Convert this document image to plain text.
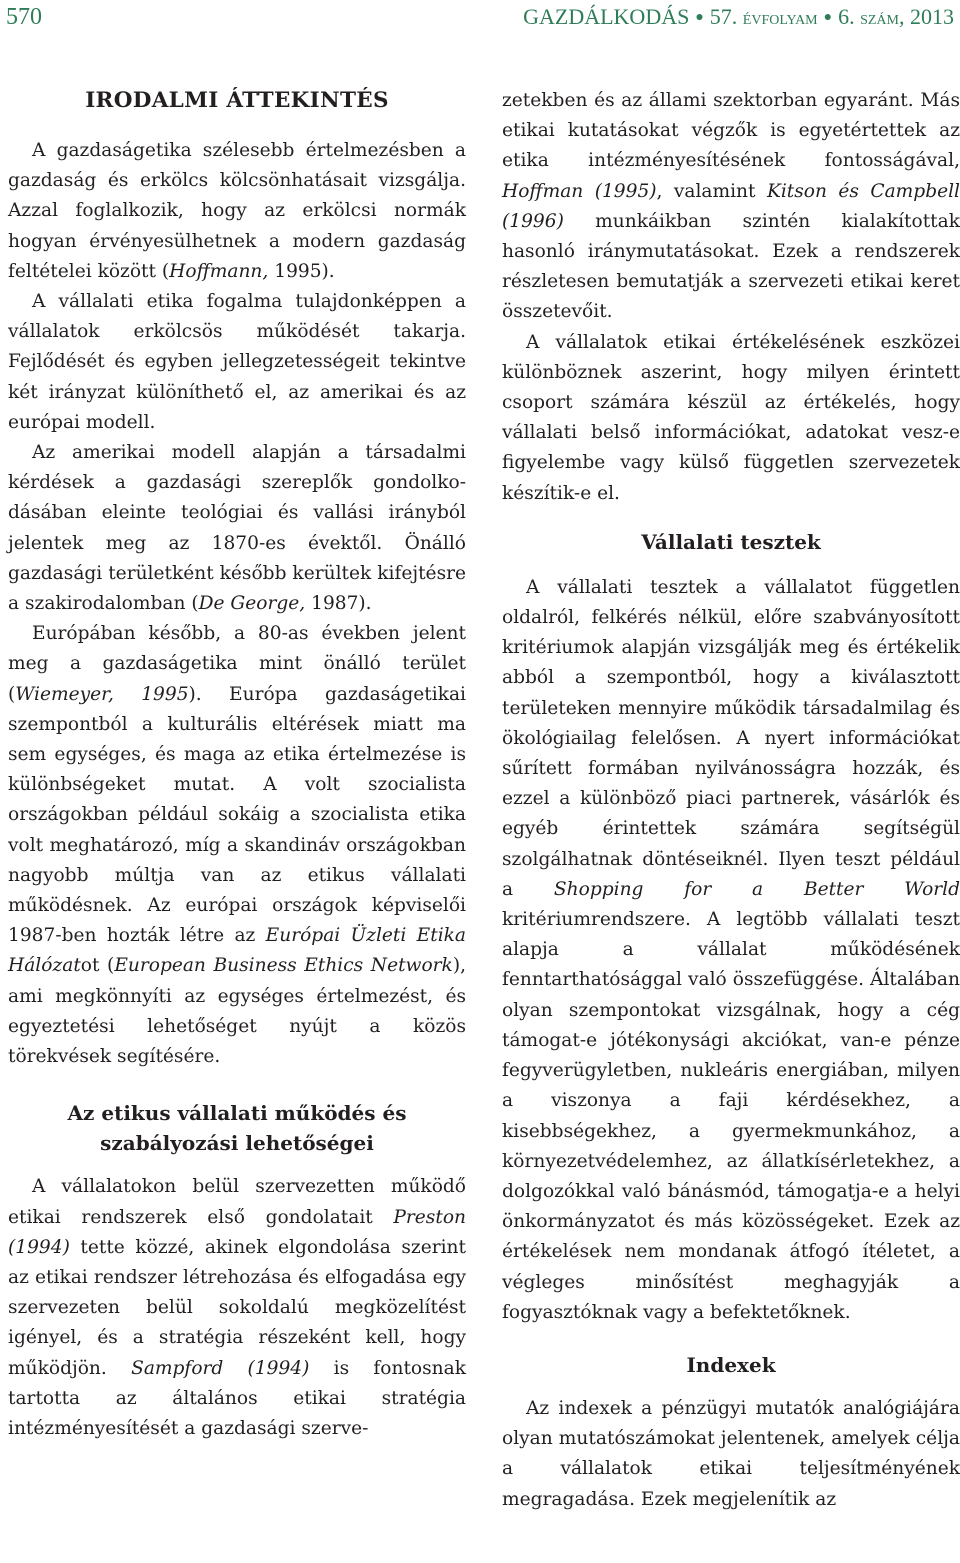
570	GAZDÁLKODÁS ● 57. évfolyam ● 6. szám, 2013
IRODALMI ÁTTEKINTÉS

A gazdaságetika szélesebb értelmezésben a gazdaság és erkölcs kölcsönhatásait vizsgálja. Azzal foglalkozik, hogy az erkölcsi normák hogyan érvényesülhetnek a modern gazdaság feltételei között (Hoffmann, 1995).

A vállalati etika fogalma tulajdonképpen a vállalatok erkölcsös működését takarja. Fejlődését és egyben jellegzetességeit tekintve két irányzat különíthető el, az amerikai és az európai modell.

Az amerikai modell alapján a társadalmi kérdések a gazdasági szereplők gondolkodásában eleinte teológiai és vallási irányból jelentek meg az 1870-es évektől. Önálló gazdasági területként később kerültek kifejtésre a szakirodalomban (De George, 1987).

Európában később, a 80-as években jelent meg a gazdaságetika mint önálló terület (Wiemeyer, 1995). Európa gazdaságetikai szempontból a kulturális eltérések miatt ma sem egységes, és maga az etika értelmezése is különbségeket mutat. A volt szocialista országokban például sokáig a szocialista etika volt meghatározó, míg a skandináv országokban nagyobb múltja van az etikus vállalati működésnek. Az európai országok képviselői 1987-ben hozták létre az Európai Üzleti Etika Hálózatot (European Business Ethics Network), ami megkönnyíti az egységes értelmezést, és egyeztetési lehetőséget nyújt a közös törekvések segítésére.

Az etikus vállalati működés és
szabályozási lehetőségei

A vállalatokon belül szervezetten működő etikai rendszerek első gondolatait Preston (1994) tette közzé, akinek elgondolása szerint az etikai rendszer létrehozása és elfogadása egy szervezeten belül sokoldalú megközelítést igényel, és a stratégia részeként kell, hogy működjön. Sampford (1994) is fontosnak tartotta az általános etikai stratégia intézményesítését a gazdasági szerve-

zetekben és az állami szektorban egyaránt. Más etikai kutatásokat végzők is egyetértettek az etika intézményesítésének fontosságával, Hoffman (1995), valamint Kitson és Campbell (1996) munkáikban szintén kialakítottak hasonló iránymutatásokat. Ezek a rendszerek részletesen bemutatják a szervezeti etikai keret összetevőit.

A vállalatok etikai értékelésének eszközei különböznek aszerint, hogy milyen érintett csoport számára készül az értékelés, hogy vállalati belső információkat, adatokat vesz-e figyelembe vagy külső független szervezetek készítik-e el.

Vállalati tesztek

A vállalati tesztek a vállalatot független oldalról, felkérés nélkül, előre szabványosított kritériumok alapján vizsgálják meg és értékelik abból a szempontból, hogy a kiválasztott területeken mennyire működik társadalmilag és ökológiailag felelősen. A nyert információkat sűrített formában nyilvánosságra hozzák, és ezzel a különböző piaci partnerek, vásárlók és egyéb érintettek számára segítségül szolgálhatnak döntéseiknél. Ilyen teszt például a Shopping for a Better World kritériumrendszere. A legtöbb vállalati teszt alapja a vállalat működésének fenntarthatósággal való összefüggése. Általában olyan szempontokat vizsgálnak, hogy a cég támogat-e jótékonysági akciókat, van-e pénze fegyverügyletben, nukleáris energiában, milyen a viszonya a faji kérdésekhez, a kisebbségekhez, a gyermekmunkához, a környezetvédelemhez, az állatkísérletekhez, a dolgozókkal való bánásmód, támogatja-e a helyi önkormányzatot és más közösségeket. Ezek az értékelések nem mondanak átfogó ítéletet, a végleges minősítést meghagyják a fogyasztóknak vagy a befektetőknek.

Indexek

Az indexek a pénzügyi mutatók analógiájára olyan mutatószámokat jelentenek, amelyek célja a vállalatok etikai teljesítményének megragadása. Ezek megjelenítik az
